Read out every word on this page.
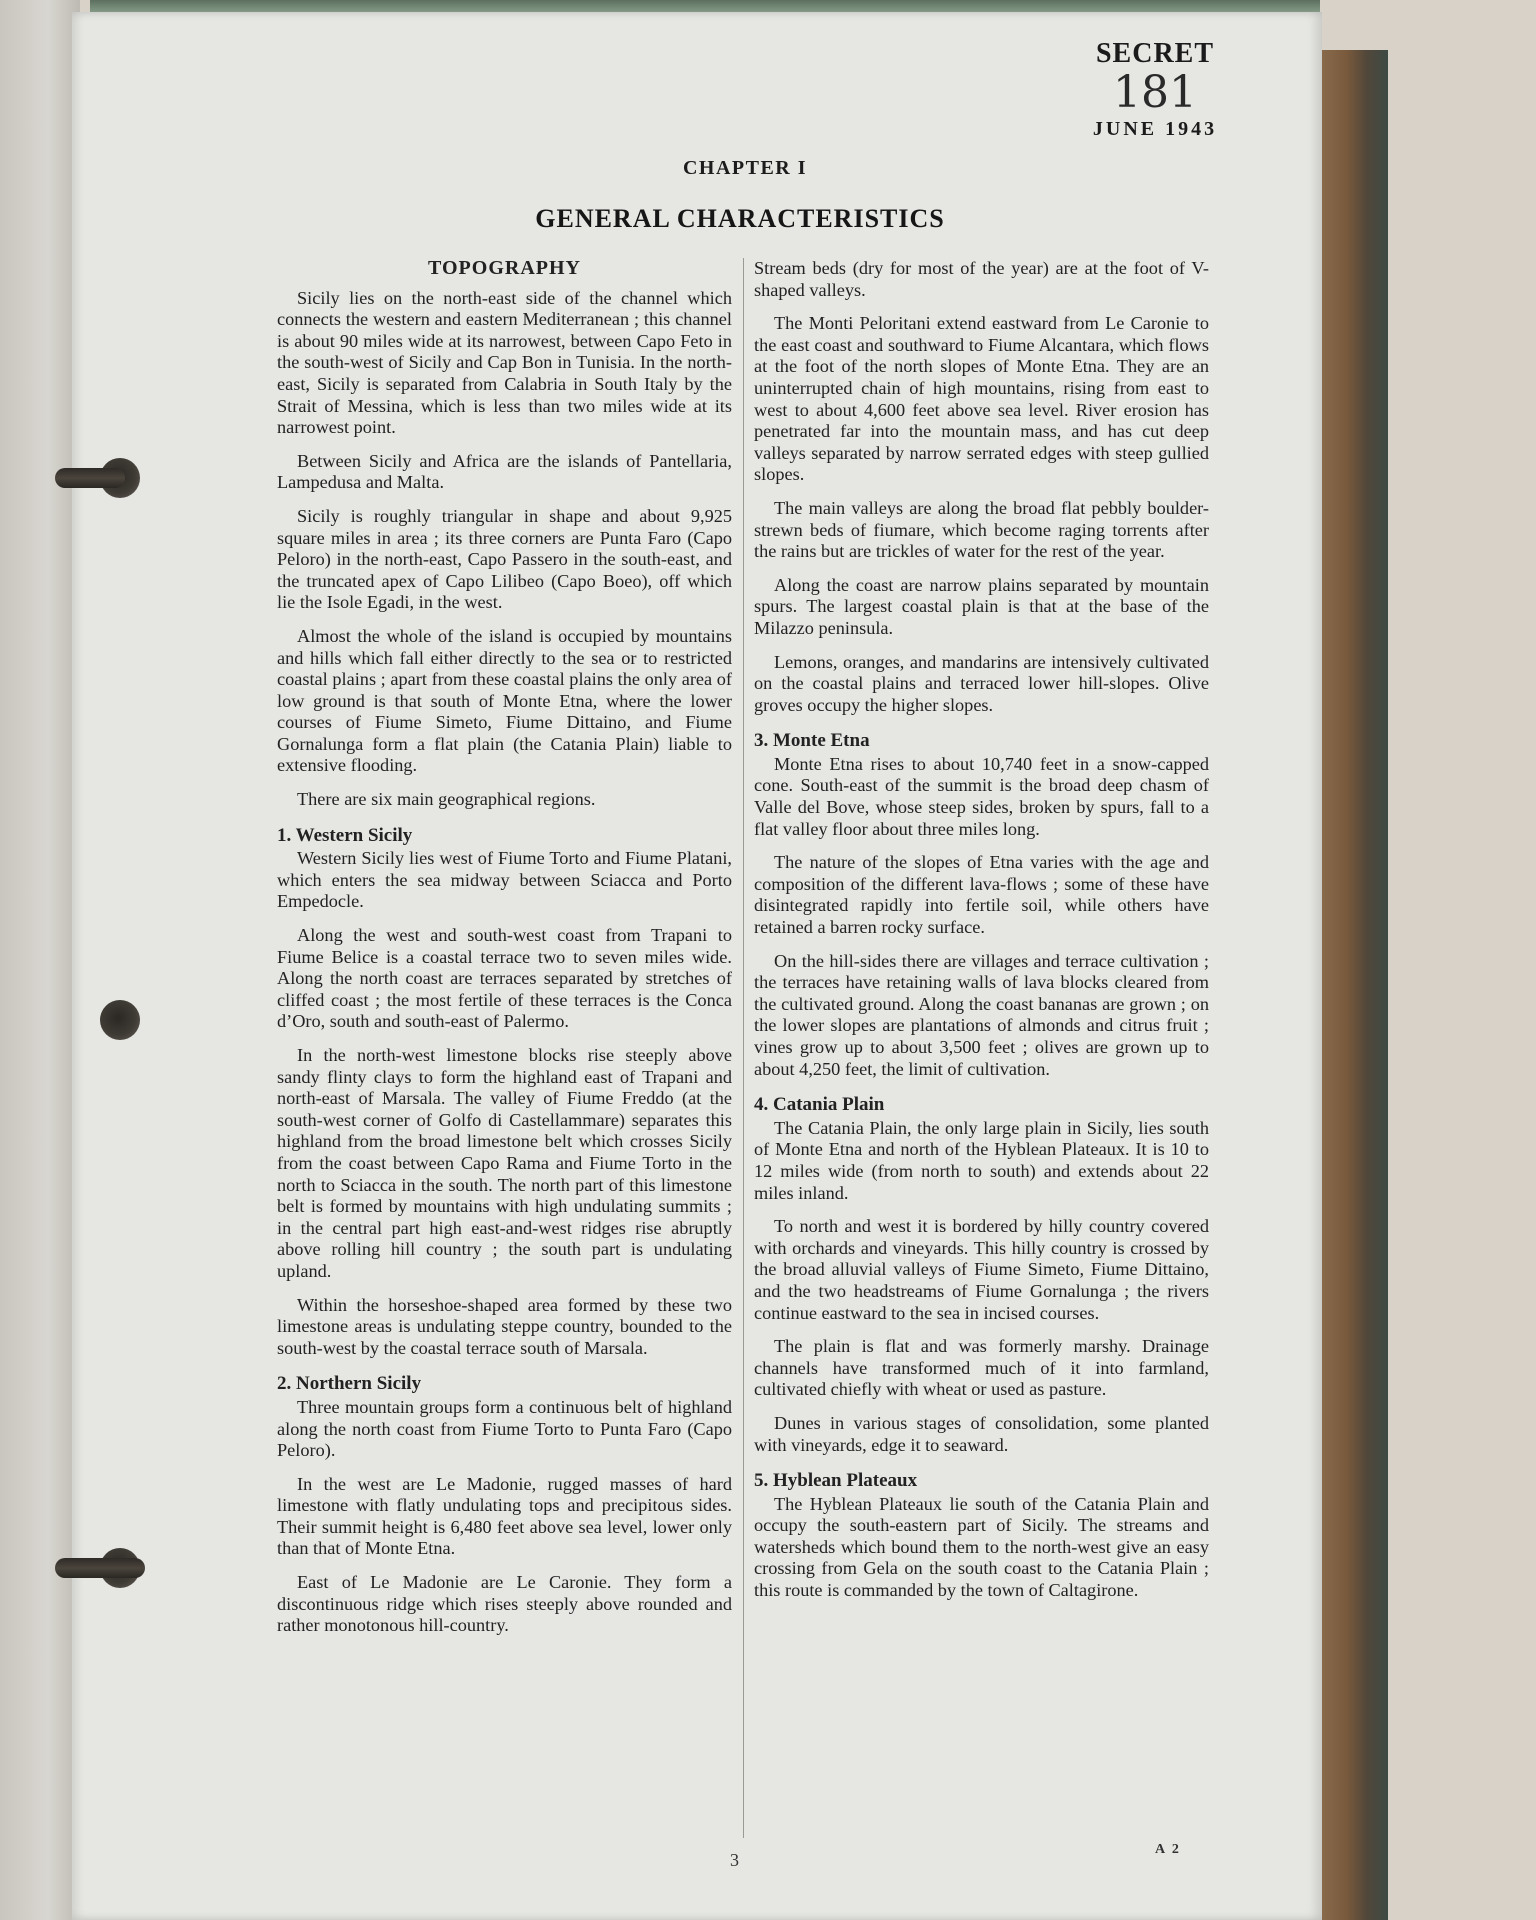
SECRET
181
JUNE 1943
CHAPTER I
GENERAL CHARACTERISTICS
TOPOGRAPHY

Sicily lies on the north-east side of the channel which connects the western and eastern Mediterranean ; this channel is about 90 miles wide at its narrowest, between Capo Feto in the south-west of Sicily and Cap Bon in Tunisia. In the north-east, Sicily is separated from Calabria in South Italy by the Strait of Messina, which is less than two miles wide at its narrowest point.

Between Sicily and Africa are the islands of Pantellaria, Lampedusa and Malta.

Sicily is roughly triangular in shape and about 9,925 square miles in area ; its three corners are Punta Faro (Capo Peloro) in the north-east, Capo Passero in the south-east, and the truncated apex of Capo Lilibeo (Capo Boeo), off which lie the Isole Egadi, in the west.

Almost the whole of the island is occupied by mountains and hills which fall either directly to the sea or to restricted coastal plains ; apart from these coastal plains the only area of low ground is that south of Monte Etna, where the lower courses of Fiume Simeto, Fiume Dittaino, and Fiume Gornalunga form a flat plain (the Catania Plain) liable to extensive flooding.

There are six main geographical regions.

1. Western Sicily

Western Sicily lies west of Fiume Torto and Fiume Platani, which enters the sea midway between Sciacca and Porto Empedocle.

Along the west and south-west coast from Trapani to Fiume Belice is a coastal terrace two to seven miles wide. Along the north coast are terraces separated by stretches of cliffed coast ; the most fertile of these terraces is the Conca d’Oro, south and south-east of Palermo.

In the north-west limestone blocks rise steeply above sandy flinty clays to form the highland east of Trapani and north-east of Marsala. The valley of Fiume Freddo (at the south-west corner of Golfo di Castellammare) separates this highland from the broad limestone belt which crosses Sicily from the coast between Capo Rama and Fiume Torto in the north to Sciacca in the south. The north part of this limestone belt is formed by mountains with high undulating summits ; in the central part high east-and-west ridges rise abruptly above rolling hill country ; the south part is undulating upland.

Within the horseshoe-shaped area formed by these two limestone areas is undulating steppe country, bounded to the south-west by the coastal terrace south of Marsala.

2. Northern Sicily

Three mountain groups form a continuous belt of highland along the north coast from Fiume Torto to Punta Faro (Capo Peloro).

In the west are Le Madonie, rugged masses of hard limestone with flatly undulating tops and precipitous sides. Their summit height is 6,480 feet above sea level, lower only than that of Monte Etna.

East of Le Madonie are Le Caronie. They form a discontinuous ridge which rises steeply above rounded and rather monotonous hill-country.

Stream beds (dry for most of the year) are at the foot of V-shaped valleys.

The Monti Peloritani extend eastward from Le Caronie to the east coast and southward to Fiume Alcantara, which flows at the foot of the north slopes of Monte Etna. They are an uninterrupted chain of high mountains, rising from east to west to about 4,600 feet above sea level. River erosion has penetrated far into the mountain mass, and has cut deep valleys separated by narrow serrated edges with steep gullied slopes.

The main valleys are along the broad flat pebbly boulder-strewn beds of fiumare, which become raging torrents after the rains but are trickles of water for the rest of the year.

Along the coast are narrow plains separated by mountain spurs. The largest coastal plain is that at the base of the Milazzo peninsula.

Lemons, oranges, and mandarins are intensively cultivated on the coastal plains and terraced lower hill-slopes. Olive groves occupy the higher slopes.

3. Monte Etna

Monte Etna rises to about 10,740 feet in a snow-capped cone. South-east of the summit is the broad deep chasm of Valle del Bove, whose steep sides, broken by spurs, fall to a flat valley floor about three miles long.

The nature of the slopes of Etna varies with the age and composition of the different lava-flows ; some of these have disintegrated rapidly into fertile soil, while others have retained a barren rocky surface.

On the hill-sides there are villages and terrace cultivation ; the terraces have retaining walls of lava blocks cleared from the cultivated ground. Along the coast bananas are grown ; on the lower slopes are plantations of almonds and citrus fruit ; vines grow up to about 3,500 feet ; olives are grown up to about 4,250 feet, the limit of cultivation.

4. Catania Plain

The Catania Plain, the only large plain in Sicily, lies south of Monte Etna and north of the Hyblean Plateaux. It is 10 to 12 miles wide (from north to south) and extends about 22 miles inland.

To north and west it is bordered by hilly country covered with orchards and vineyards. This hilly country is crossed by the broad alluvial valleys of Fiume Simeto, Fiume Dittaino, and the two headstreams of Fiume Gornalunga ; the rivers continue eastward to the sea in incised courses.

The plain is flat and was formerly marshy. Drainage channels have transformed much of it into farmland, cultivated chiefly with wheat or used as pasture.

Dunes in various stages of consolidation, some planted with vineyards, edge it to seaward.

5. Hyblean Plateaux

The Hyblean Plateaux lie south of the Catania Plain and occupy the south-eastern part of Sicily. The streams and watersheds which bound them to the north-west give an easy crossing from Gela on the south coast to the Catania Plain ; this route is commanded by the town of Caltagirone.

3
A 2
